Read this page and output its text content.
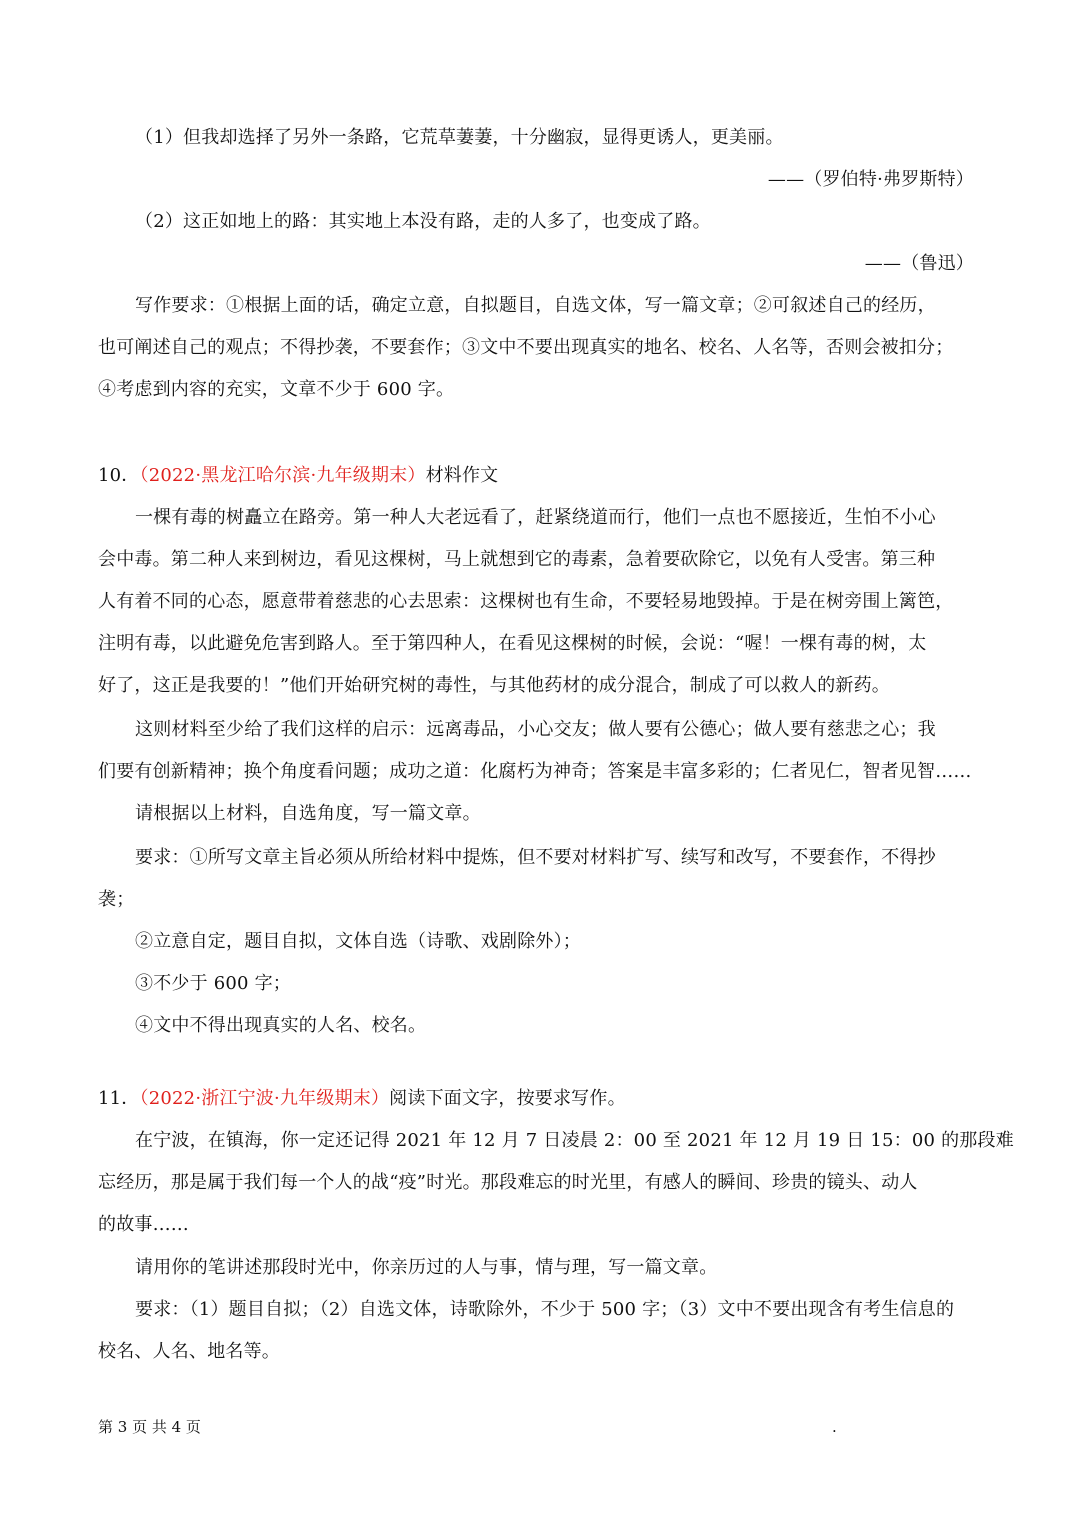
（1）但我却选择了另外一条路，它荒草萋萋，十分幽寂，显得更诱人，更美丽。
——（罗伯特·弗罗斯特）
（2）这正如地上的路：其实地上本没有路，走的人多了，也变成了路。
——（鲁迅）
写作要求：①根据上面的话，确定立意，自拟题目，自选文体，写一篇文章；②可叙述自己的经历，
也可阐述自己的观点；不得抄袭，不要套作；③文中不要出现真实的地名、校名、人名等，否则会被扣分；
④考虑到内容的充实，文章不少于 600 字。
10．（2022·黑龙江哈尔滨·九年级期末）材料作文
一棵有毒的树矗立在路旁。第一种人大老远看了，赶紧绕道而行，他们一点也不愿接近，生怕不小心
会中毒。第二种人来到树边，看见这棵树，马上就想到它的毒素，急着要砍除它，以免有人受害。第三种
人有着不同的心态，愿意带着慈悲的心去思索：这棵树也有生命，不要轻易地毁掉。于是在树旁围上篱笆，
注明有毒，以此避免危害到路人。至于第四种人，在看见这棵树的时候，会说：“喔！一棵有毒的树，太
好了，这正是我要的！”他们开始研究树的毒性，与其他药材的成分混合，制成了可以救人的新药。
这则材料至少给了我们这样的启示：远离毒品，小心交友；做人要有公德心；做人要有慈悲之心；我
们要有创新精神；换个角度看问题；成功之道：化腐朽为神奇；答案是丰富多彩的；仁者见仁，智者见智……
请根据以上材料，自选角度，写一篇文章。
要求：①所写文章主旨必须从所给材料中提炼，但不要对材料扩写、续写和改写，不要套作，不得抄
袭；
②立意自定，题目自拟，文体自选（诗歌、戏剧除外）；
③不少于 600 字；
④文中不得出现真实的人名、校名。
11．（2022·浙江宁波·九年级期末）阅读下面文字，按要求写作。
在宁波，在镇海，你一定还记得 2021 年 12 月 7 日凌晨 2：00 至 2021 年 12 月 19 日 15：00 的那段难
忘经历，那是属于我们每一个人的战“疫”时光。那段难忘的时光里，有感人的瞬间、珍贵的镜头、动人
的故事……
请用你的笔讲述那段时光中，你亲历过的人与事，情与理，写一篇文章。
要求：（1）题目自拟；（2）自选文体，诗歌除外，不少于 500 字；（3）文中不要出现含有考生信息的
校名、人名、地名等。
第 3 页 共 4 页	.
